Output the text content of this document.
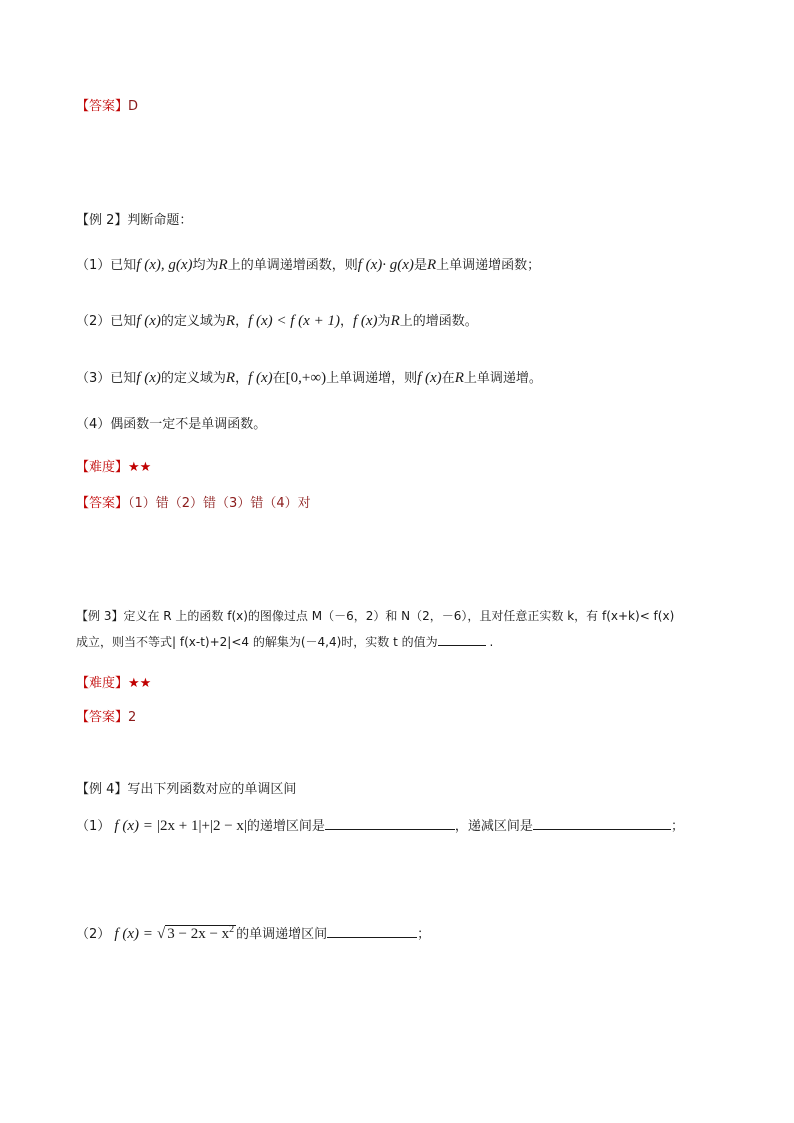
【答案】D
【例 2】判断命题：
（1）已知f (x), g(x)均为R上的单调递增函数，则f (x)· g(x)是R上单调递增函数；
（2）已知f (x)的定义域为R，f (x) < f (x + 1)，f (x)为R上的增函数。
（3）已知f (x)的定义域为R，f (x)在[0,+∞)上单调递增，则f (x)在R上单调递增。
（4）偶函数一定不是单调函数。
【难度】★★
【答案】（1）错（2）错（3）错（4）对
【例 3】定义在 R 上的函数 f(x)的图像过点 M（－6，2）和 N（2，－6），且对任意正实数 k，有 f(x+k)< f(x)
成立，则当不等式| f(x-t)+2|<4 的解集为(－4,4)时，实数 t 的值为	.
【难度】★★
【答案】2
【例 4】写出下列函数对应的单调区间
（1） f (x) = |2x + 1|+|2 − x|的递增区间是	，递减区间是	；
（2） f (x) = √ $3 - 2x - x^2$ 的单调递增区间	；
